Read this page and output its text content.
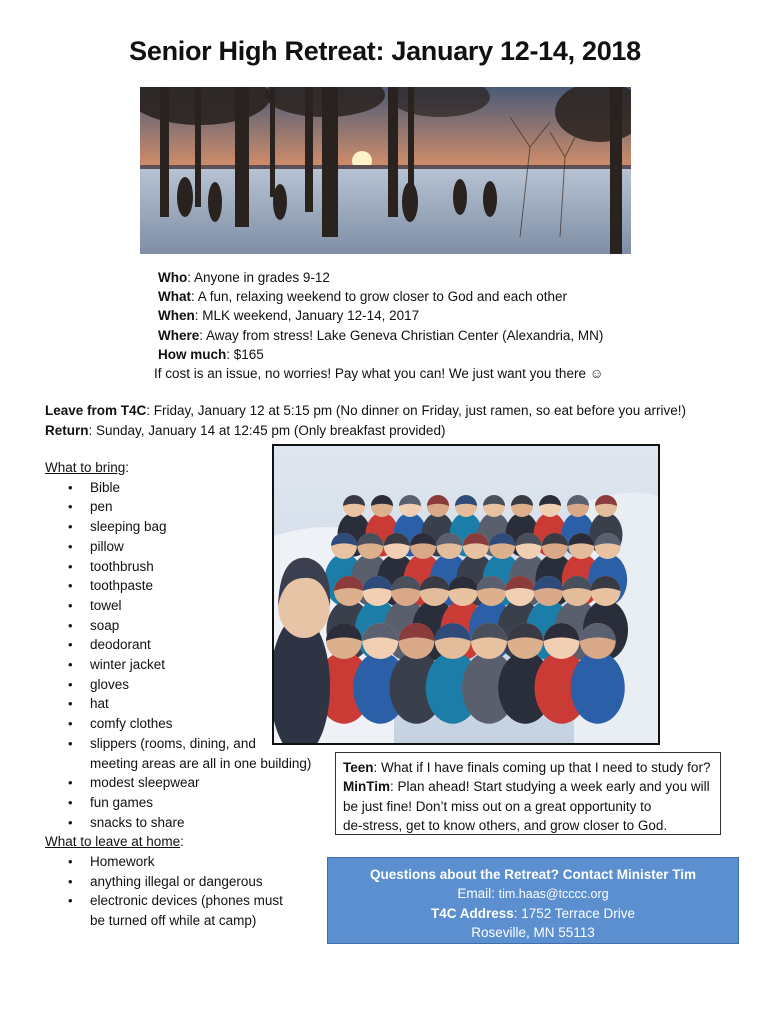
Senior High Retreat: January 12-14, 2018
Who: Anyone in grades 9-12
What: A fun, relaxing weekend to grow closer to God and each other
When: MLK weekend, January 12-14, 2017
Where: Away from stress! Lake Geneva Christian Center (Alexandria, MN)
How much: $165
If cost is an issue, no worries! Pay what you can! We just want you there ☺
Leave from T4C: Friday, January 12 at 5:15 pm (No dinner on Friday, just ramen, so eat before you arrive!)
Return: Sunday, January 14 at 12:45 pm (Only breakfast provided)
What to bring:
• Bible
• pen
• sleeping bag
• pillow
• toothbrush
• toothpaste
• towel
• soap
• deodorant
• winter jacket
• gloves
• hat
• comfy clothes
• slippers (rooms, dining, and
meeting areas are all in one building)
• modest sleepwear
• fun games
• snacks to share
What to leave at home:
• Homework
• anything illegal or dangerous
• electronic devices (phones must
be turned off while at camp)
Teen: What if I have finals coming up that I need to study for?
MinTim: Plan ahead! Start studying a week early and you will
be just fine! Don’t miss out on a great opportunity to
de-stress, get to know others, and grow closer to God.
Questions about the Retreat? Contact Minister Tim
Email: tim.haas@tcccc.org
T4C Address: 1752 Terrace Drive
Roseville, MN 55113
